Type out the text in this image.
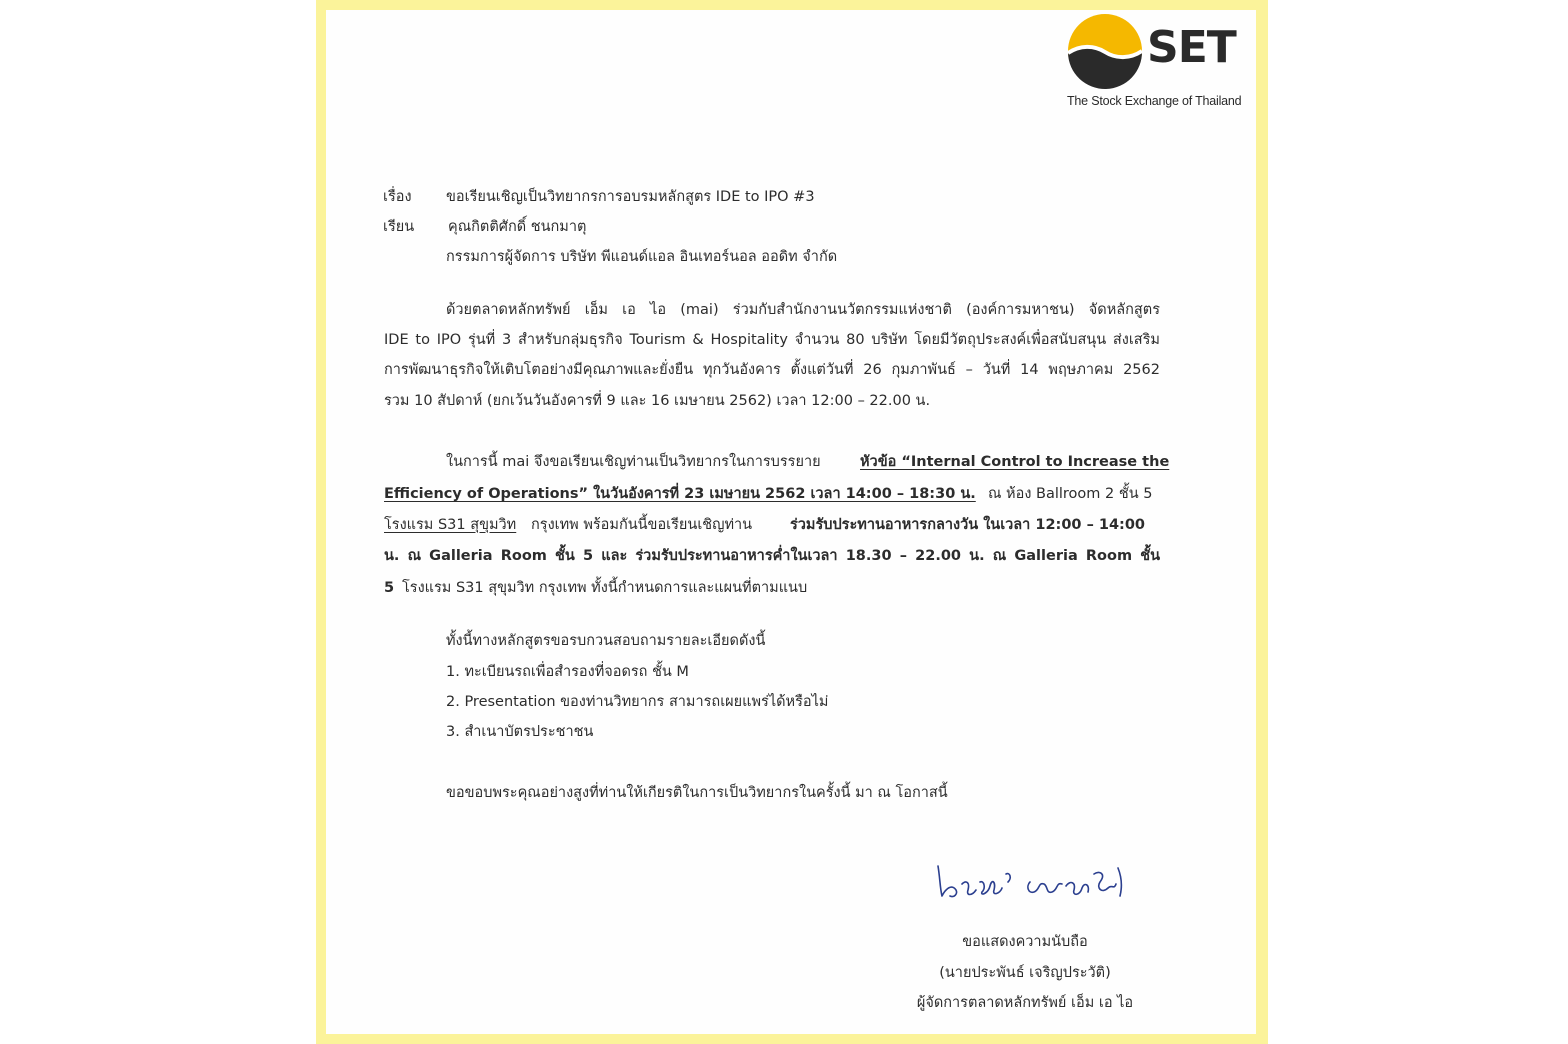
SET
The Stock Exchange of Thailand
เรื่อง	ขอเรียนเชิญเป็นวิทยากรการอบรมหลักสูตร IDE to IPO #3
เรียน	คุณกิตติศักดิ์ ชนกมาตุ
กรรมการผู้จัดการ บริษัท พีแอนด์แอล อินเทอร์นอล ออดิท จำกัด
ด้วยตลาดหลักทรัพย์ เอ็ม เอ ไอ (mai) ร่วมกับสำนักงานนวัตกรรมแห่งชาติ (องค์การมหาชน) จัดหลักสูตร
IDE to IPO รุ่นที่ 3 สำหรับกลุ่มธุรกิจ Tourism & Hospitality จำนวน 80 บริษัท โดยมีวัตถุประสงค์เพื่อสนับสนุน ส่งเสริม
การพัฒนาธุรกิจให้เติบโตอย่างมีคุณภาพและยั่งยืน ทุกวันอังคาร ตั้งแต่วันที่ 26 กุมภาพันธ์ – วันที่ 14 พฤษภาคม 2562
รวม 10 สัปดาห์ (ยกเว้นวันอังคารที่ 9 และ 16 เมษายน 2562) เวลา 12:00 – 22.00 น.
ในการนี้ mai จึงขอเรียนเชิญท่านเป็นวิทยากรในการบรรยาย	หัวข้อ “Internal Control to Increase the
Efficiency of Operations” ในวันอังคารที่ 23 เมษายน 2562 เวลา 14:00 – 18:30 น. ณ ห้อง Ballroom 2 ชั้น 5
โรงแรม S31 สุขุมวิท กรุงเทพ พร้อมกันนี้ขอเรียนเชิญท่าน	ร่วมรับประทานอาหารกลางวัน ในเวลา 12:00 – 14:00
น. ณ Galleria Room ชั้น 5 และ ร่วมรับประทานอาหารค่ำในเวลา 18.30 – 22.00 น. ณ Galleria Room ชั้น
5 โรงแรม S31 สุขุมวิท กรุงเทพ ทั้งนี้กำหนดการและแผนที่ตามแนบ
ทั้งนี้ทางหลักสูตรขอรบกวนสอบถามรายละเอียดดังนี้
1. ทะเบียนรถเพื่อสำรองที่จอดรถ ชั้น M
2. Presentation ของท่านวิทยากร สามารถเผยแพร่ได้หรือไม่
3. สำเนาบัตรประชาชน
ขอขอบพระคุณอย่างสูงที่ท่านให้เกียรติในการเป็นวิทยากรในครั้งนี้ มา ณ โอกาสนี้
ขอแสดงความนับถือ
(นายประพันธ์ เจริญประวัติ)
ผู้จัดการตลาดหลักทรัพย์ เอ็ม เอ ไอ
